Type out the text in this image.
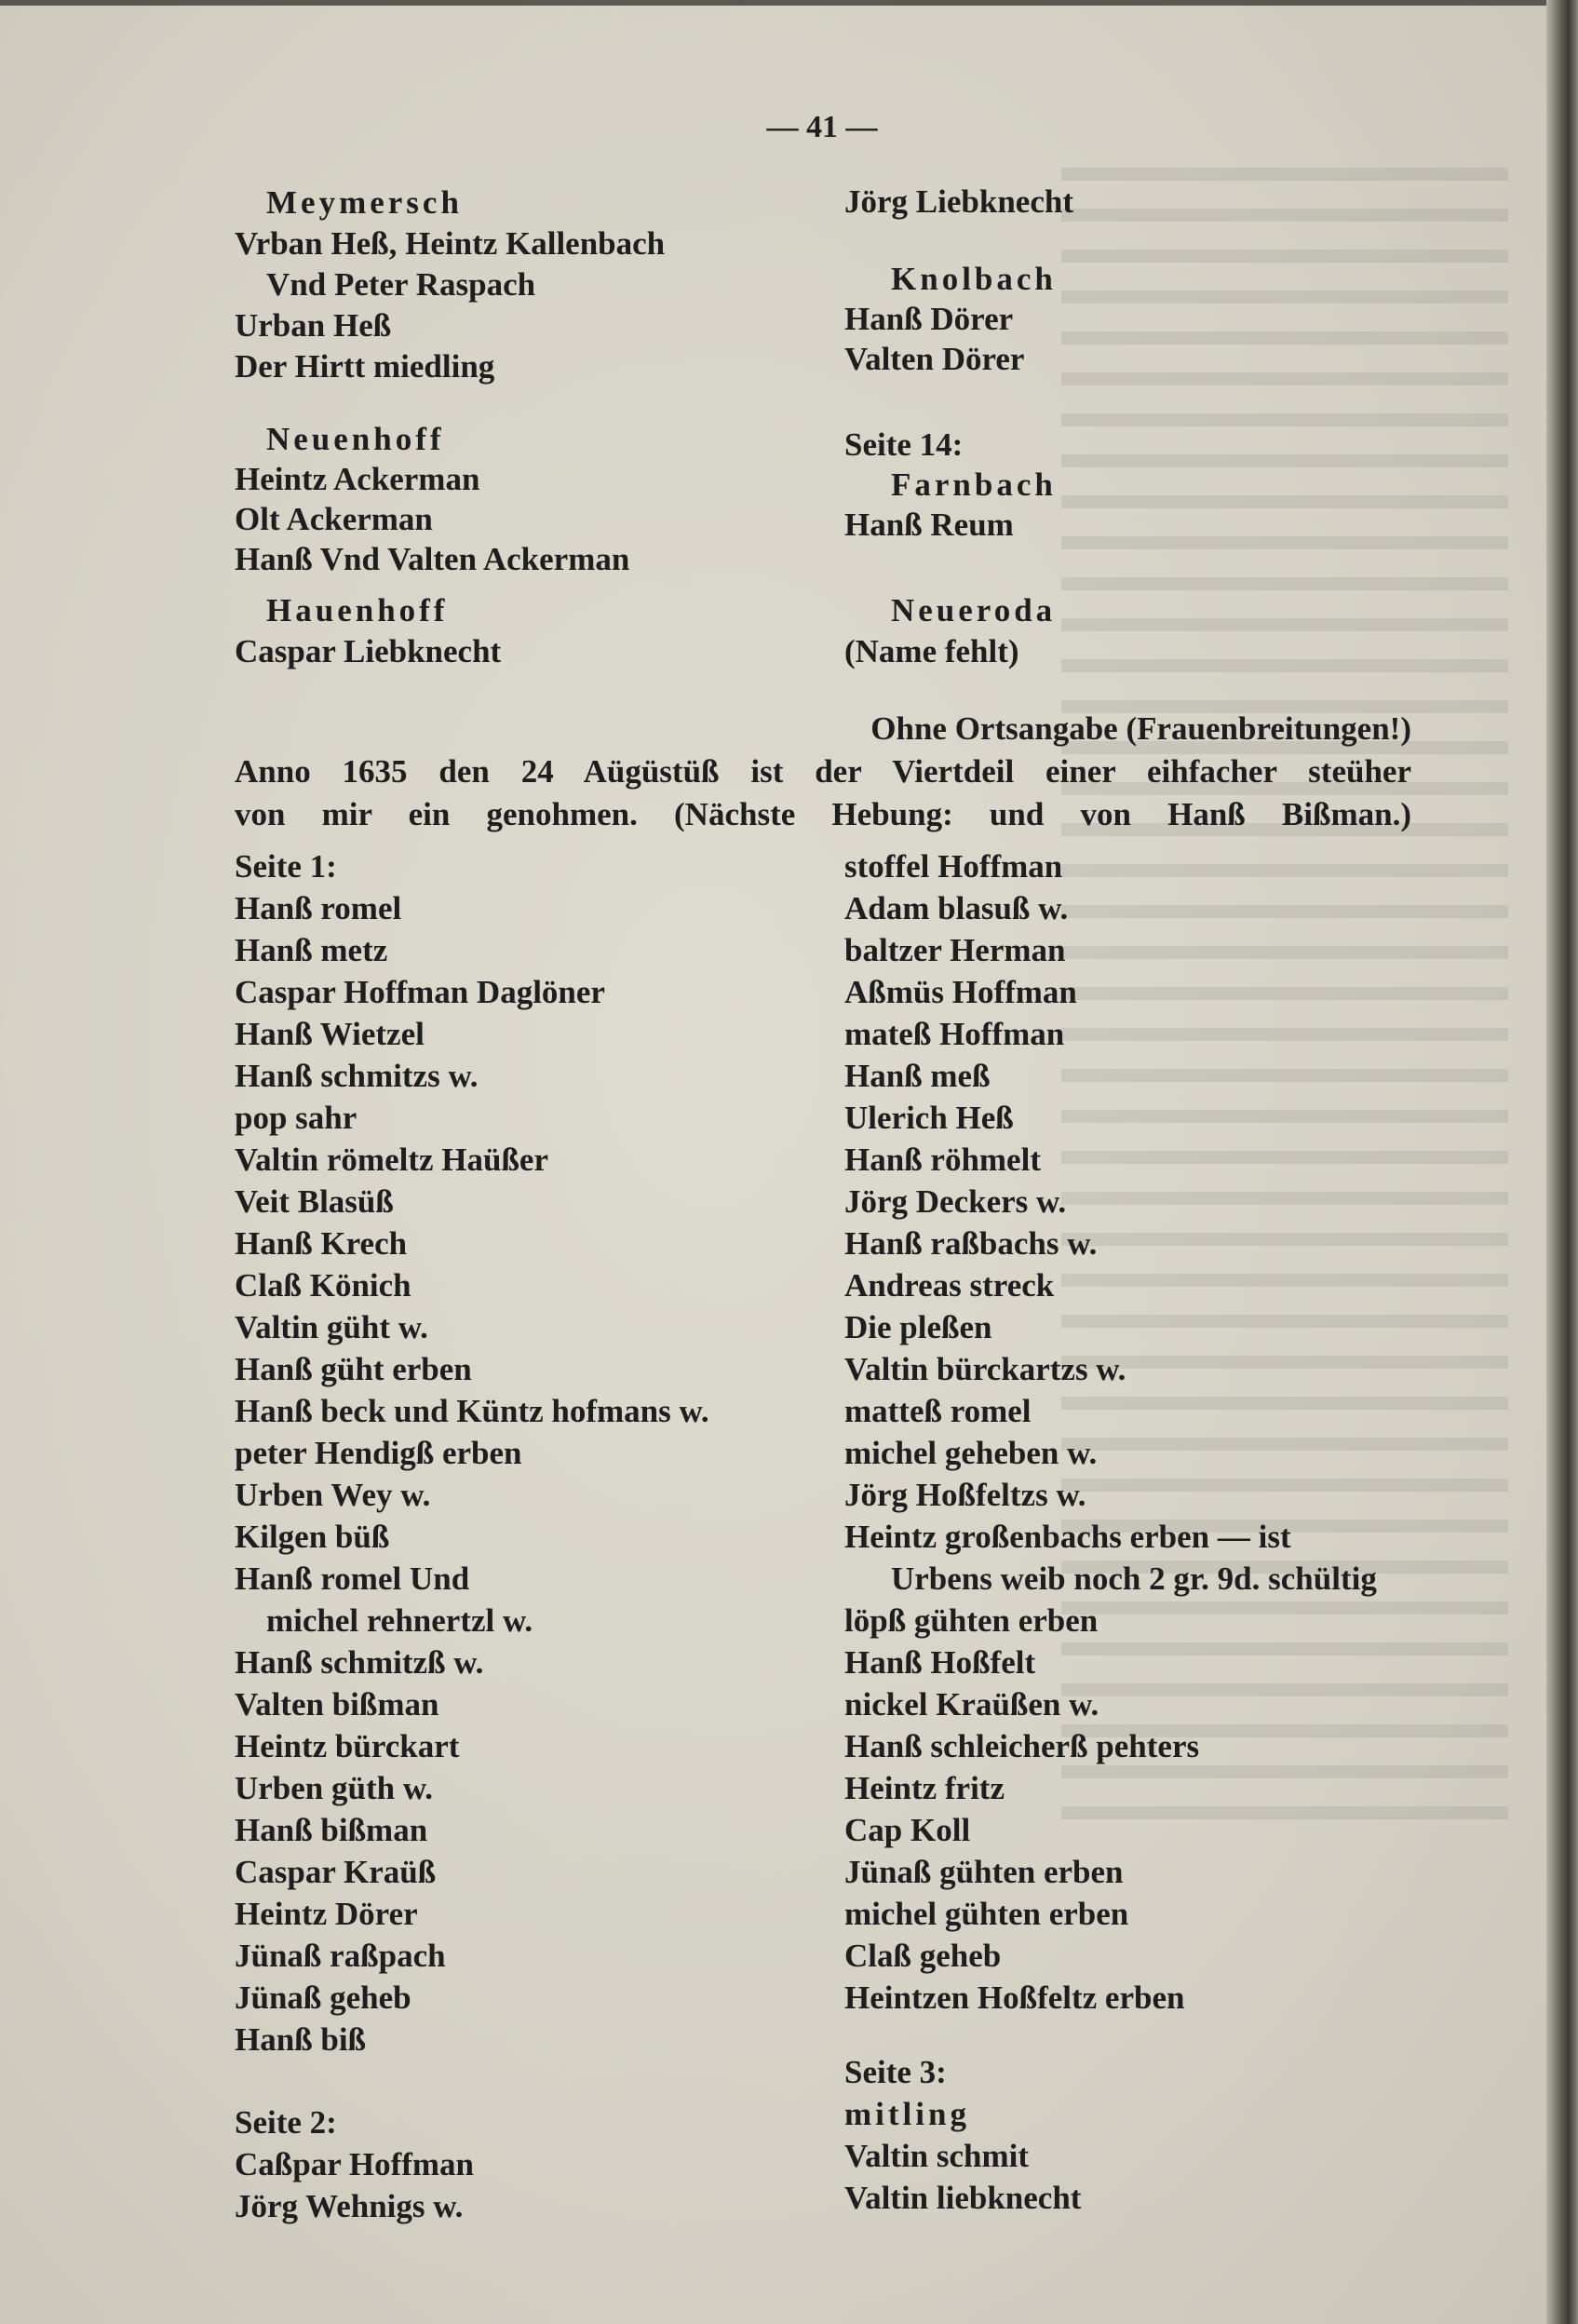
— 41 —
Meymersch
Vrban Heß, Heintz Kallenbach
Vnd Peter Raspach
Urban Heß
Der Hirtt miedling
Neuenhoff
Heintz Ackerman
Olt Ackerman
Hanß Vnd Valten Ackerman
Hauenhoff
Caspar Liebknecht
Jörg Liebknecht
Knolbach
Hanß Dörer
Valten Dörer
Seite 14:
Farnbach
Hanß Reum
Neueroda
(Name fehlt)
Ohne Ortsangabe (Frauenbreitungen!)
Anno 1635 den 24 Aügüstüß ist der Viertdeil einer eihfacher steüher
von mir ein genohmen. (Nächste Hebung: und von Hanß Bißman.)
Seite 1:
Hanß romel
Hanß metz
Caspar Hoffman Daglöner
Hanß Wietzel
Hanß schmitzs w.
pop sahr
Valtin römeltz Haüßer
Veit Blasüß
Hanß Krech
Claß Könich
Valtin güht w.
Hanß güht erben
Hanß beck und Küntz hofmans w.
peter Hendigß erben
Urben Wey w.
Kilgen büß
Hanß romel Und
michel rehnertzl w.
Hanß schmitzß w.
Valten bißman
Heintz bürckart
Urben güth w.
Hanß bißman
Caspar Kraüß
Heintz Dörer
Jünaß raßpach
Jünaß geheb
Hanß biß
stoffel Hoffman
Adam blasuß w.
baltzer Herman
Aßmüs Hoffman
mateß Hoffman
Hanß meß
Ulerich Heß
Hanß röhmelt
Jörg Deckers w.
Hanß raßbachs w.
Andreas streck
Die pleßen
Valtin bürckartzs w.
matteß romel
michel geheben w.
Jörg Hoßfeltzs w.
Heintz großenbachs erben — ist
Urbens weib noch 2 gr. 9d. schültig
löpß gühten erben
Hanß Hoßfelt
nickel Kraüßen w.
Hanß schleicherß pehters
Heintz fritz
Cap Koll
Jünaß gühten erben
michel gühten erben
Claß geheb
Heintzen Hoßfeltz erben
Seite 2:
Caßpar Hoffman
Jörg Wehnigs w.
Seite 3:
mitling
Valtin schmit
Valtin liebknecht
